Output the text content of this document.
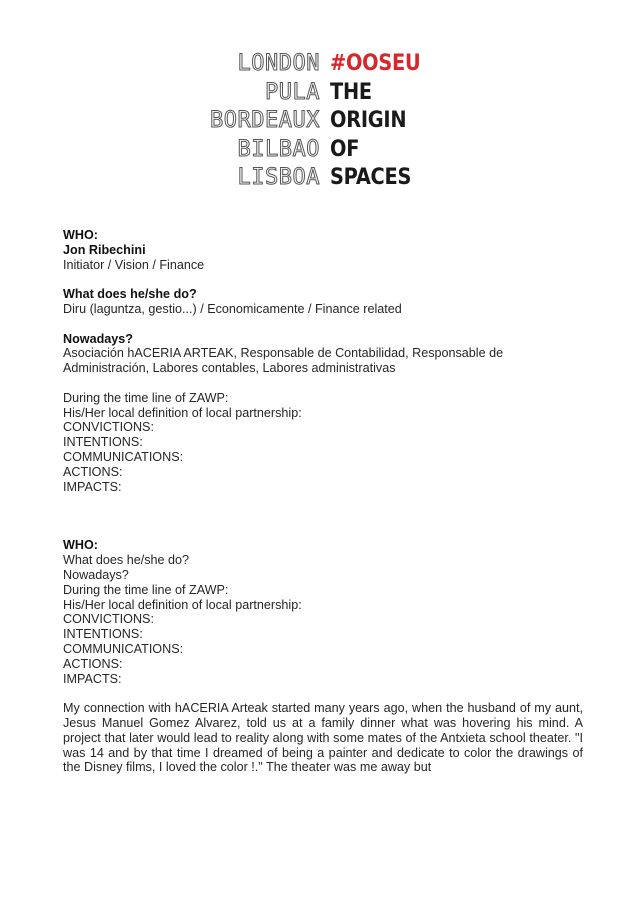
LONDON
PULA
BORDEAUX
BILBAO
LISBOA
#OOSEU
THE
ORIGIN
OF
SPACES
WHO:
Jon Ribechini
Initiator / Vision / Finance
What does he/she do?
Diru (laguntza, gestio...) / Economicamente / Finance related
Nowadays?
Asociación hACERIA ARTEAK, Responsable de Contabilidad, Responsable de
Administración, Labores contables, Labores administrativas
During the time line of ZAWP:
His/Her local definition of local partnership:
CONVICTIONS:
INTENTIONS:
COMMUNICATIONS:
ACTIONS:
IMPACTS:
WHO:
What does he/she do?
Nowadays?
During the time line of ZAWP:
His/Her local definition of local partnership:
CONVICTIONS:
INTENTIONS:
COMMUNICATIONS:
ACTIONS:
IMPACTS:
My connection with hACERIA Arteak started many years ago, when the husband of my aunt, Jesus Manuel Gomez Alvarez, told us at a family dinner what was hovering his mind. A project that later would lead to reality along with some mates of the Antxieta school theater. "I was 14 and by that time I dreamed of being a painter and dedicate to color the drawings of the Disney films, I loved the color !." The theater was me away but
